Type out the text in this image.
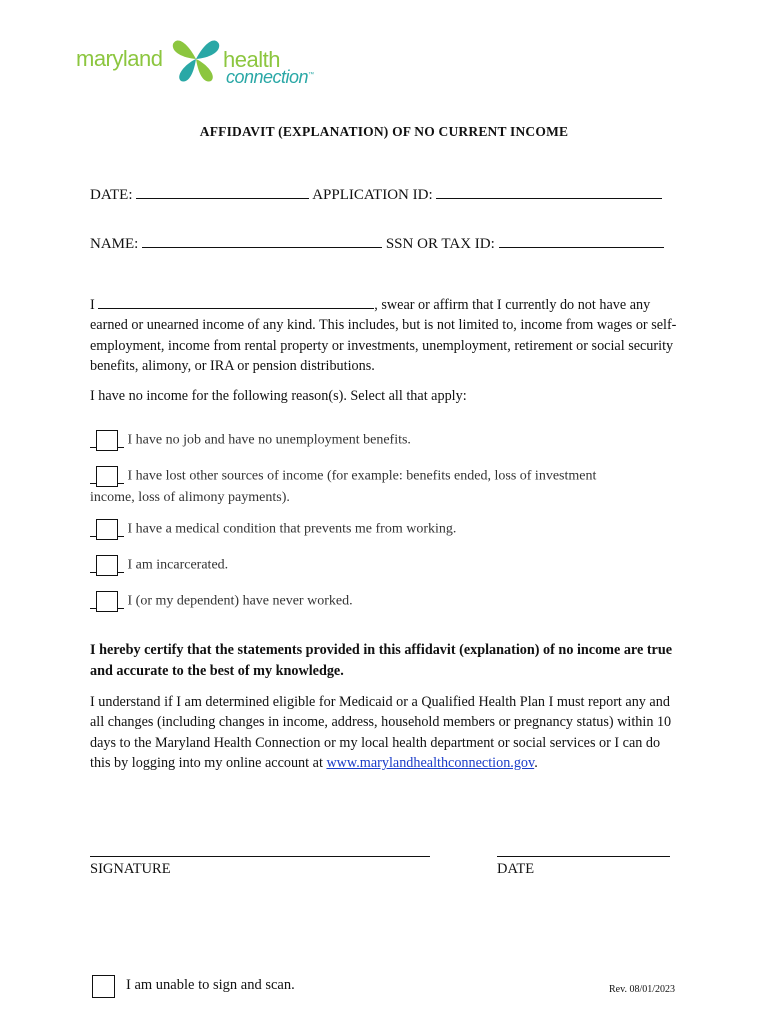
maryland	health
connection™
AFFIDAVIT (EXPLANATION) OF NO CURRENT INCOME
DATE:	APPLICATION ID:
NAME:	SSN OR TAX ID:
I	, swear or affirm that I currently do not have any earned or unearned income of any kind. This includes, but is not limited to, income from wages or self-employment, income from rental property or investments, unemployment, retirement or social security benefits, alimony, or IRA or pension distributions.
I have no income for the following reason(s). Select all that apply:
I have no job and have no unemployment benefits.
I have lost other sources of income (for example: benefits ended, loss of investment
income, loss of alimony payments).
I have a medical condition that prevents me from working.
I am incarcerated.
I (or my dependent) have never worked.
I hereby certify that the statements provided in this affidavit (explanation) of no income are true and accurate to the best of my knowledge.
I understand if I am determined eligible for Medicaid or a Qualified Health Plan I must report any and all changes (including changes in income, address, household members or pregnancy status) within 10 days to the Maryland Health Connection or my local health department or social services or I can do this by logging into my online account at www.marylandhealthconnection.gov.
SIGNATURE	DATE
I am unable to sign and scan.	Rev. 08/01/2023
